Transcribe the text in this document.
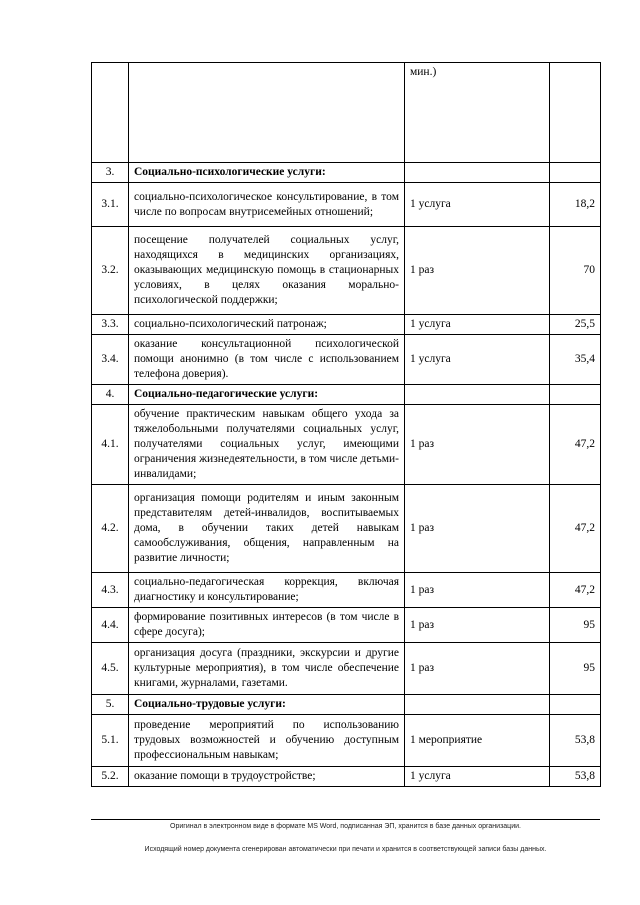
		мин.)	
3.	Социально-психологические услуги:		
3.1.	социально-психологическое консультирование, в том числе по вопросам внутрисемейных отношений;	1 услуга	18,2
3.2.	посещение получателей социальных услуг, находящихся в медицинских организациях, оказывающих медицинскую помощь в стационарных условиях, в целях оказания морально-психологической поддержки;	1 раз	70
3.3.	социально-психологический патронаж;	1 услуга	25,5
3.4.	оказание консультационной психологической помощи анонимно (в том числе с использованием телефона доверия).	1 услуга	35,4
4.	Социально-педагогические услуги:		
4.1.	обучение практическим навыкам общего ухода за тяжелобольными получателями социальных услуг, получателями социальных услуг, имеющими ограничения жизнедеятельности, в том числе детьми-инвалидами;	1 раз	47,2
4.2.	организация помощи родителям и иным законным представителям детей-инвалидов, воспитываемых дома, в обучении таких детей навыкам самообслуживания, общения, направленным на развитие личности;	1 раз	47,2
4.3.	социально-педагогическая коррекция, включая диагностику и консультирование;	1 раз	47,2
4.4.	формирование позитивных интересов (в том числе в сфере досуга);	1 раз	95
4.5.	организация досуга (праздники, экскурсии и другие культурные мероприятия), в том числе обеспечение книгами, журналами, газетами.	1 раз	95
5.	Социально-трудовые услуги:		
5.1.	проведение мероприятий по использованию трудовых возможностей и обучению доступным профессиональным навыкам;	1 мероприятие	53,8
5.2.	оказание помощи в трудоустройстве;	1 услуга	53,8
Оригинал в электронном виде в формате MS Word, подписанная ЭП, хранится в базе данных организации.
Исходящий номер документа сгенерирован автоматически при печати и хранится в соответствующей записи базы данных.
